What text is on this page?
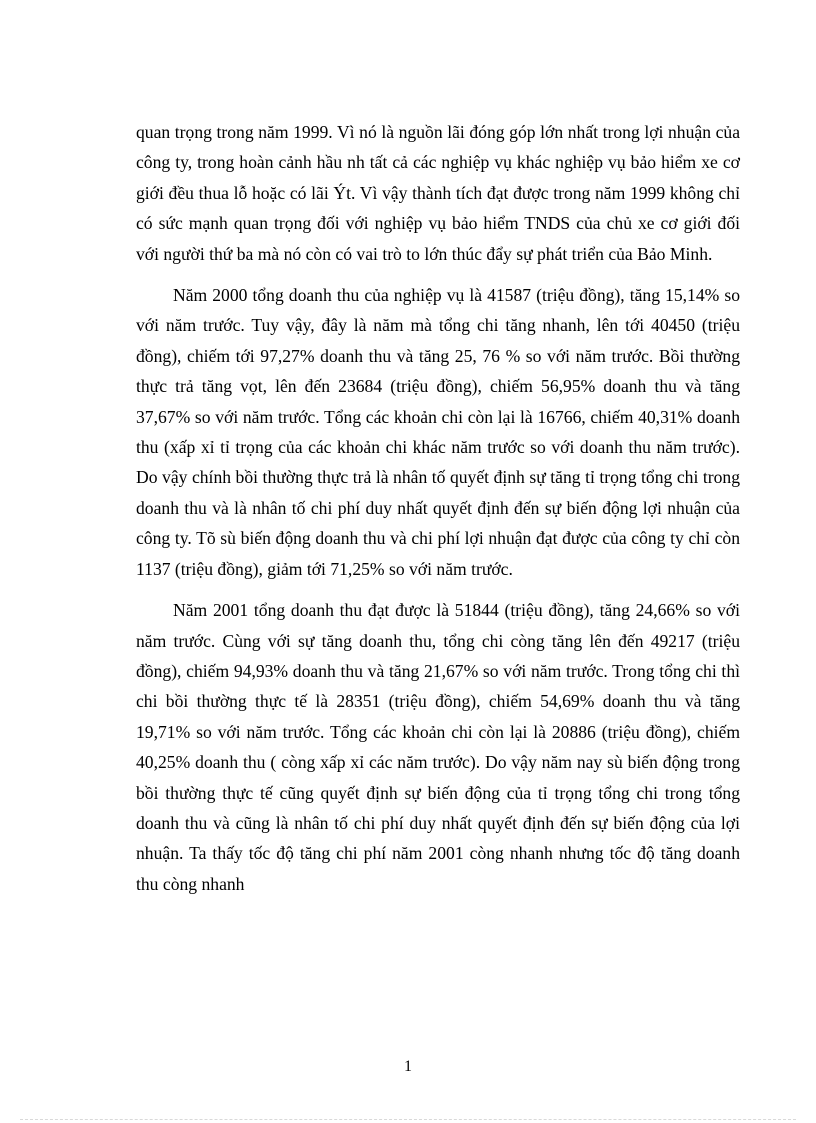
quan trọng trong năm 1999. Vì nó là nguồn lãi đóng góp lớn nhất trong lợi nhuận của công ty, trong hoàn cảnh hầu nh tất cả các nghiệp vụ khác nghiệp vụ bảo hiểm xe cơ giới đều thua lỗ hoặc có lãi Ýt. Vì vậy thành tích đạt được trong năm 1999 không chỉ có sức mạnh quan trọng đối với nghiệp vụ bảo hiểm TNDS của chủ xe cơ giới đối với người thứ ba mà nó còn có vai trò to lớn thúc đẩy sự phát triển của Bảo Minh.

Năm 2000 tổng doanh thu của nghiệp vụ là 41587 (triệu đồng), tăng 15,14% so với năm trước. Tuy vậy, đây là năm mà tổng chi tăng nhanh, lên tới 40450 (triệu đồng), chiếm tới 97,27% doanh thu và tăng 25, 76 % so với năm trước. Bồi thường thực trả tăng vọt, lên đến 23684 (triệu đồng), chiếm 56,95% doanh thu và tăng 37,67% so với năm trước. Tổng các khoản chi còn lại là 16766, chiếm 40,31% doanh thu (xấp xỉ tỉ trọng của các khoản chi khác năm trước so với doanh thu năm trước). Do vậy chính bồi thường thực trả là nhân tố quyết định sự tăng tỉ trọng tổng chi trong doanh thu và là nhân tố chi phí duy nhất quyết định đến sự biến động lợi nhuận của công ty. Tõ sù biến động doanh thu và chi phí lợi nhuận đạt được của công ty chỉ còn 1137 (triệu đồng), giảm tới 71,25% so với năm trước.

Năm 2001 tổng doanh thu đạt được là 51844 (triệu đồng), tăng 24,66% so với năm trước. Cùng với sự tăng doanh thu, tổng chi còng tăng lên đến 49217 (triệu đồng), chiếm 94,93% doanh thu và tăng 21,67% so với năm trước. Trong tổng chi thì chi bồi thường thực tế là 28351 (triệu đồng), chiếm 54,69% doanh thu và tăng 19,71% so với năm trước. Tổng các khoản chi còn lại là 20886 (triệu đồng), chiếm 40,25% doanh thu ( còng xấp xỉ các năm trước). Do vậy năm nay sù biến động trong bồi thường thực tế cũng quyết định sự biến động của tỉ trọng tổng chi trong tổng doanh thu và cũng là nhân tố chi phí duy nhất quyết định đến sự biến động của lợi nhuận. Ta thấy tốc độ tăng chi phí năm 2001 còng nhanh nhưng tốc độ tăng doanh thu còng nhanh

1
